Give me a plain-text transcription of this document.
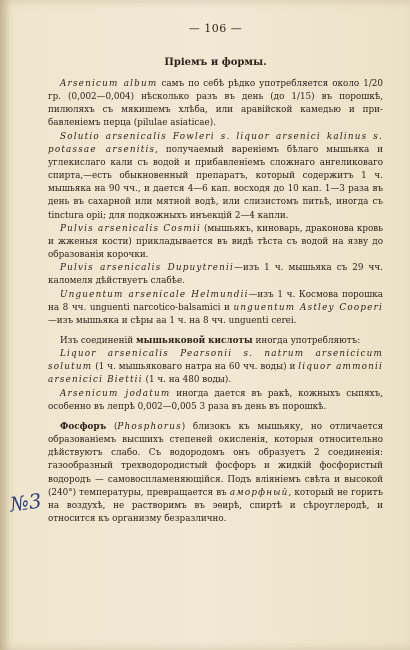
№3
— 106 —
Пріемъ и формы.

Arsenicum album самъ по себѣ рѣдко употребляется около 1/20 гр. (0,002—0,004) нѣсколько разъ въ день (до 1/15) въ порошкѣ, пилюляхъ съ мякишемъ хлѣба, или аравійской камедью и прибавленіемъ перца (pilulae asiaticae).

Solutio arsenicalis Fowleri s. liquor arsenici kalinus s. potassae arsenitis, получаемый вареніемъ бѣлаго мышьяка и углекислаго кали съ водой и прибавленіемъ сложнаго ангеликоваго спирта,—есть обыкновенный препаратъ, который содержитъ 1 ч. мышьяка на 90 чч., и дается 4—6 кап. восходя до 10 кап. 1—3 раза въ день въ сахарной или мятной водѣ, или слизистомъ питьѣ, иногда съ tinctura opii; для подкожныхъ инъекцій 2—4 капли.

Pulvis arsenicalis Cosmii (мышьякъ, киноварь, драконова кровь и жженыя кости) прикладывается въ видѣ тѣста съ водой на язву до образованія корочки.

Pulvis arsenicalis Dupuytrenii—изъ 1 ч. мышьяка съ 29 чч. каломеля дѣйствуетъ слабѣе.

Unguentum arsenicale Helmundii—изъ 1 ч. Космова порошка на 8 чч. unguenti narcotico-balsamici и unguentum Astley Cooperi—изъ мышьяка и сѣры аа 1 ч. на 8 чч. unguenti cerei.

Изъ соединеній мышьяковой кислоты иногда употребляютъ:

Liquor arsenicalis Pearsonii s. natrum arsenicicum solutum (1 ч. мышьяковаго натра на 60 чч. воды) и liquor ammonii arsenicici Biettii (1 ч. на 480 воды).

Arsenicum jodatum иногда дается въ ракѣ, кожныхъ сыпяхъ, особенно въ лепрѣ 0,002—0,005 3 раза въ день въ порошкѣ.

Фосфоръ (Phosphorus) близокъ къ мышьяку, но отличается образованіемъ высшихъ степеней окисленія, которыя относительно дѣйствуютъ слабо. Съ водородомъ онъ образуетъ 2 соединенія: газообразный трехводородистый фосфоръ и жидкій фосфористый водородъ — самовоспламеняющійся. Подъ вліяніемъ свѣта и высокой (240°) температуры, превращается въ аморфный, который не горитъ на воздухѣ, не растворимъ въ эѳирѣ, спиртѣ и сѣроуглеродѣ, и относится къ организму безразлично.
